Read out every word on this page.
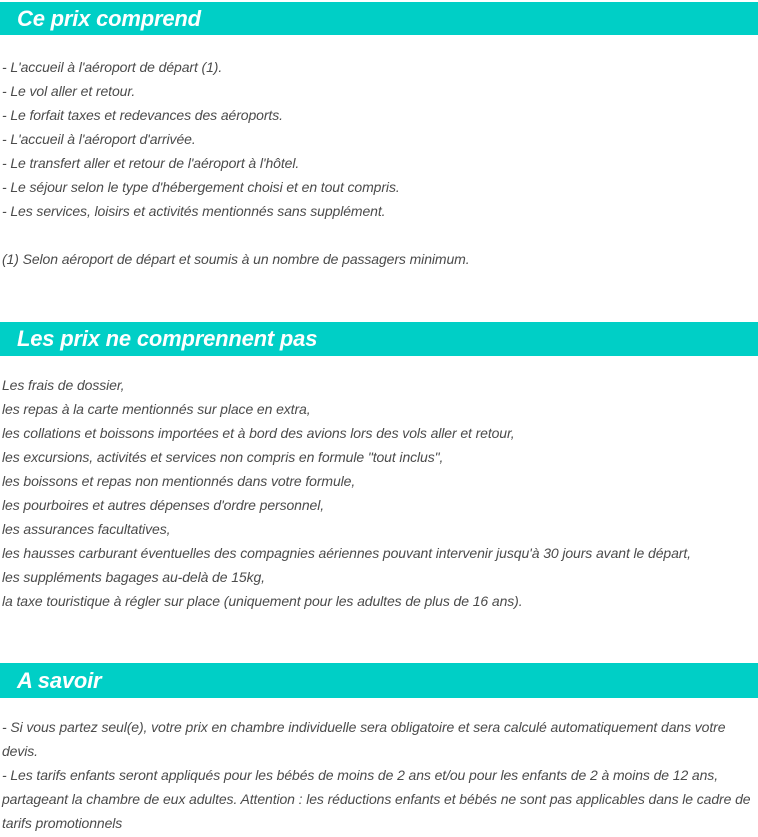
Ce prix comprend
- L'accueil à l'aéroport de départ (1).
- Le vol aller et retour.
- Le forfait taxes et redevances des aéroports.
- L'accueil à l'aéroport d'arrivée.
- Le transfert aller et retour de l'aéroport à l'hôtel.
- Le séjour selon le type d'hébergement choisi et en tout compris.
- Les services, loisirs et activités mentionnés sans supplément.
(1) Selon aéroport de départ et soumis à un nombre de passagers minimum.
Les prix ne comprennent pas
Les frais de dossier,
les repas à la carte mentionnés sur place en extra,
les collations et boissons importées et à bord des avions lors des vols aller et retour,
les excursions, activités et services non compris en formule "tout inclus",
les boissons et repas non mentionnés dans votre formule,
les pourboires et autres dépenses d'ordre personnel,
les assurances facultatives,
les hausses carburant éventuelles des compagnies aériennes pouvant intervenir jusqu'à 30 jours avant le départ,
les suppléments bagages au-delà de 15kg,
la taxe touristique à régler sur place (uniquement pour les adultes de plus de 16 ans).
A savoir
- Si vous partez seul(e), votre prix en chambre individuelle sera obligatoire et sera calculé automatiquement dans votre devis.
- Les tarifs enfants seront appliqués pour les bébés de moins de 2 ans et/ou pour les enfants de 2 à moins de 12 ans, partageant la chambre de eux adultes. Attention : les réductions enfants et bébés ne sont pas applicables dans le cadre de tarifs promotionnels
